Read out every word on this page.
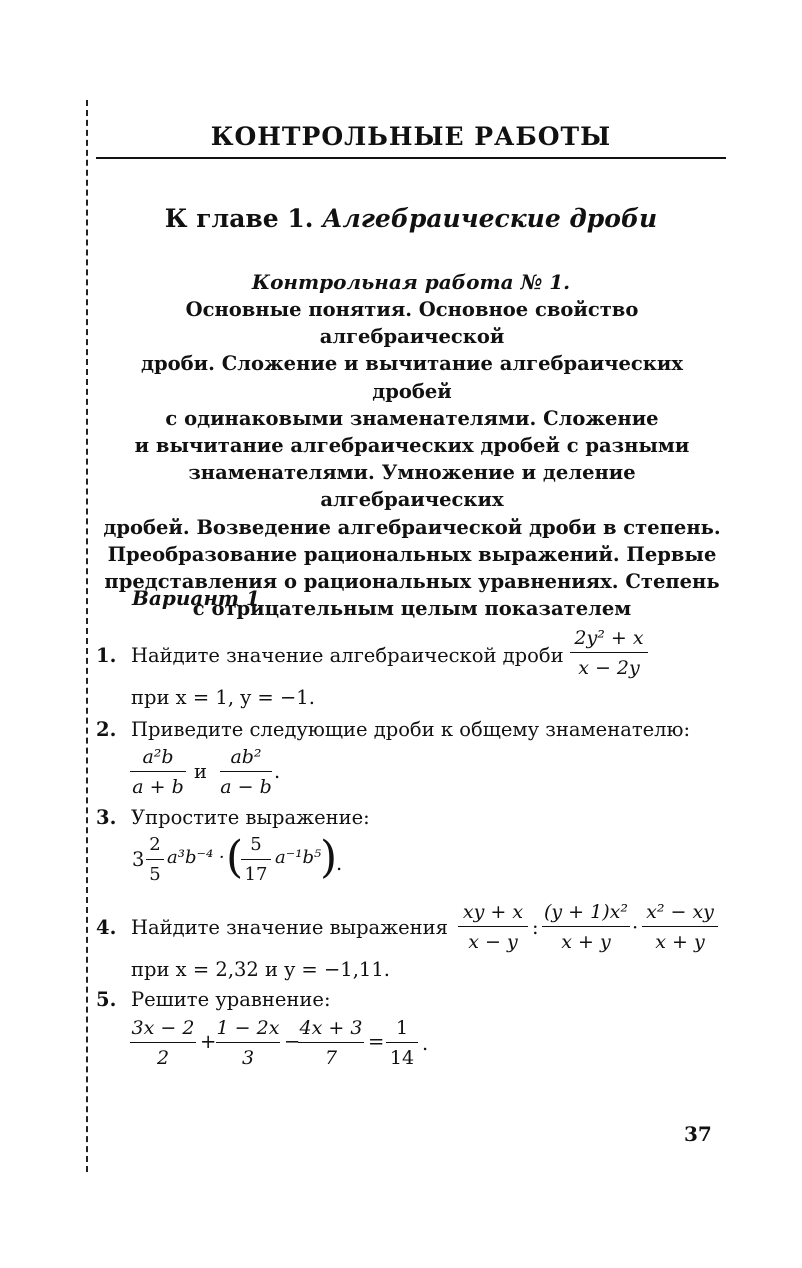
КОНТРОЛЬНЫЕ РАБОТЫ
К главе 1. Алгебраические дроби
Контрольная работа № 1.
Основные понятия. Основное свойство алгебраической
дроби. Сложение и вычитание алгебраических дробей
с одинаковыми знаменателями. Сложение
и вычитание алгебраических дробей с разными
знаменателями. Умножение и деление алгебраических
дробей. Возведение алгебраической дроби в степень.
Преобразование рациональных выражений. Первые
представления о рациональных уравнениях. Степень
с отрицательным целым показателем
Вариант 1
1. Найдите значение алгебраической дроби
2y² + x
x − 2y
при x = 1, y = −1.
2. Приведите следующие дроби к общему знаменателю:
a²b
a + b
и
ab²
a − b
.
3. Упростите выражение:
3
2
5
a³b⁻⁴ · ( 5
17
a⁻¹b⁵
)
.
4. Найдите значение выражения
xy + x
x − y
:
(y + 1)x²
x + y
·
x² − xy
x + y
при x = 2,32 и y = −1,11.
5. Решите уравнение:
3x − 2
2
+
1 − 2x
3
−
4x + 3
7
=
1
14
.
37
